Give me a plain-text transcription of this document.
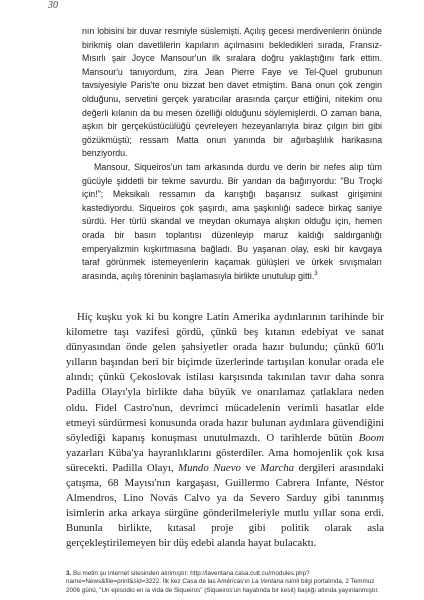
30

nın lobisini bir duvar resmiyle süslemişti. Açılış gecesi merdivenlerin önünde birikmiş olan davetlilerin kapıların açılmasını bekledikleri sırada, Fransız-Mısırlı şair Joyce Mansour'un ilk sıralara doğru yaklaştığını fark ettim. Mansour'u tanıyordum, zira Jean Pierre Faye ve Tel-Quel grubunun tavsiyesiyle Paris'te onu bizzat ben davet etmiştim. Bana onun çok zengin olduğunu, servetini gerçek yaratıcılar arasında çarçur ettiğini, nitekim onu değerli kılanın da bu mesen özelliği olduğunu söylemişlerdi. O zaman bana, aşkın bir gerçeküstücülüğü çevreleyen hezeyanlarıyla biraz çılgın biri gibi gözükmüştü; ressam Matta onun yanında bir ağırbaşlılık harikasına benziyordu.

Mansour, Siqueiros'un tam arkasında durdu ve derin bir nefes alıp tüm gücüyle şiddetli bir tekme savurdu. Bir yandan da bağırıyordu: "Bu Troçki için!"; Meksikalı ressamın da karıştığı başarısız suikast girişimini kastediyordu. Siqueiros çok şaşırdı, ama şaşkınlığı sadece birkaç saniye sürdü. Her türlü skandal ve meydan okumaya alışkın olduğu için, hemen orada bir basın toplantısı düzenleyip maruz kaldığı saldırganlığı emperyalizmin kışkırtmasına bağladı. Bu yaşanan olay, eski bir kavgaya taraf görünmek istemeyenlerin kaçamak gülüşleri ve ürkek sıvışmaları arasında, açılış töreninin başlamasıyla birlikte unutulup gitti.$^3$

Hiç kuşku yok ki bu kongre Latin Amerika aydınlarının tarihinde bir kilometre taşı vazifesi gördü, çünkü beş kıtanın edebiyat ve sanat dünyasından önde gelen şahsiyetler orada hazır bulundu; çünkü 60'lı yılların başından beri bir biçimde üzerlerinde tartışılan konular orada ele alındı; çünkü Çekoslovak istilası karşısında takınılan tavır daha sonra Padilla Olayı'yla birlikte daha büyük ve onarılamaz çatlaklara neden oldu. Fidel Castro'nun, devrimci mücadelenin verimli hasatlar elde etmeyi sürdürmesi konusunda orada hazır bulunan aydınlara güvendiğini söylediği kapanış konuşması unutulmazdı. O tarihlerde bütün Boom yazarları Küba'ya hayranlıklarını gösterdiler. Ama homojenlik çok kısa sürecekti. Padilla Olayı, Mundo Nuevo ve Marcha dergileri arasındaki çatışma, 68 Mayısı'nın kargaşası, Guillermo Cabrera Infante, Néstor Almendros, Lino Novás Calvo ya da Severo Sarduy gibi tanınmış isimlerin arka arkaya sürgüne gönderilmeleriyle mutlu yıllar sona erdi. Bununla birlikte, kıtasal proje gibi politik olarak asla gerçekleştirilemeyen bir düş edebi alanda hayat bulacaktı.

3. Bu metin şu internet sitesinden alınmıştır: http://laventana.casa.cult.cu/modules.php?name=News&file=print&sid=3222. İlk kez Casa de las Américas'ın La Ventana isimli bilgi portalında, 2 Temmuz 2006 günü, "Un episodio en la vida de Siqueiros" (Siqueiros'un hayatında bir kesit) başlığı altında yayınlanmıştır.
